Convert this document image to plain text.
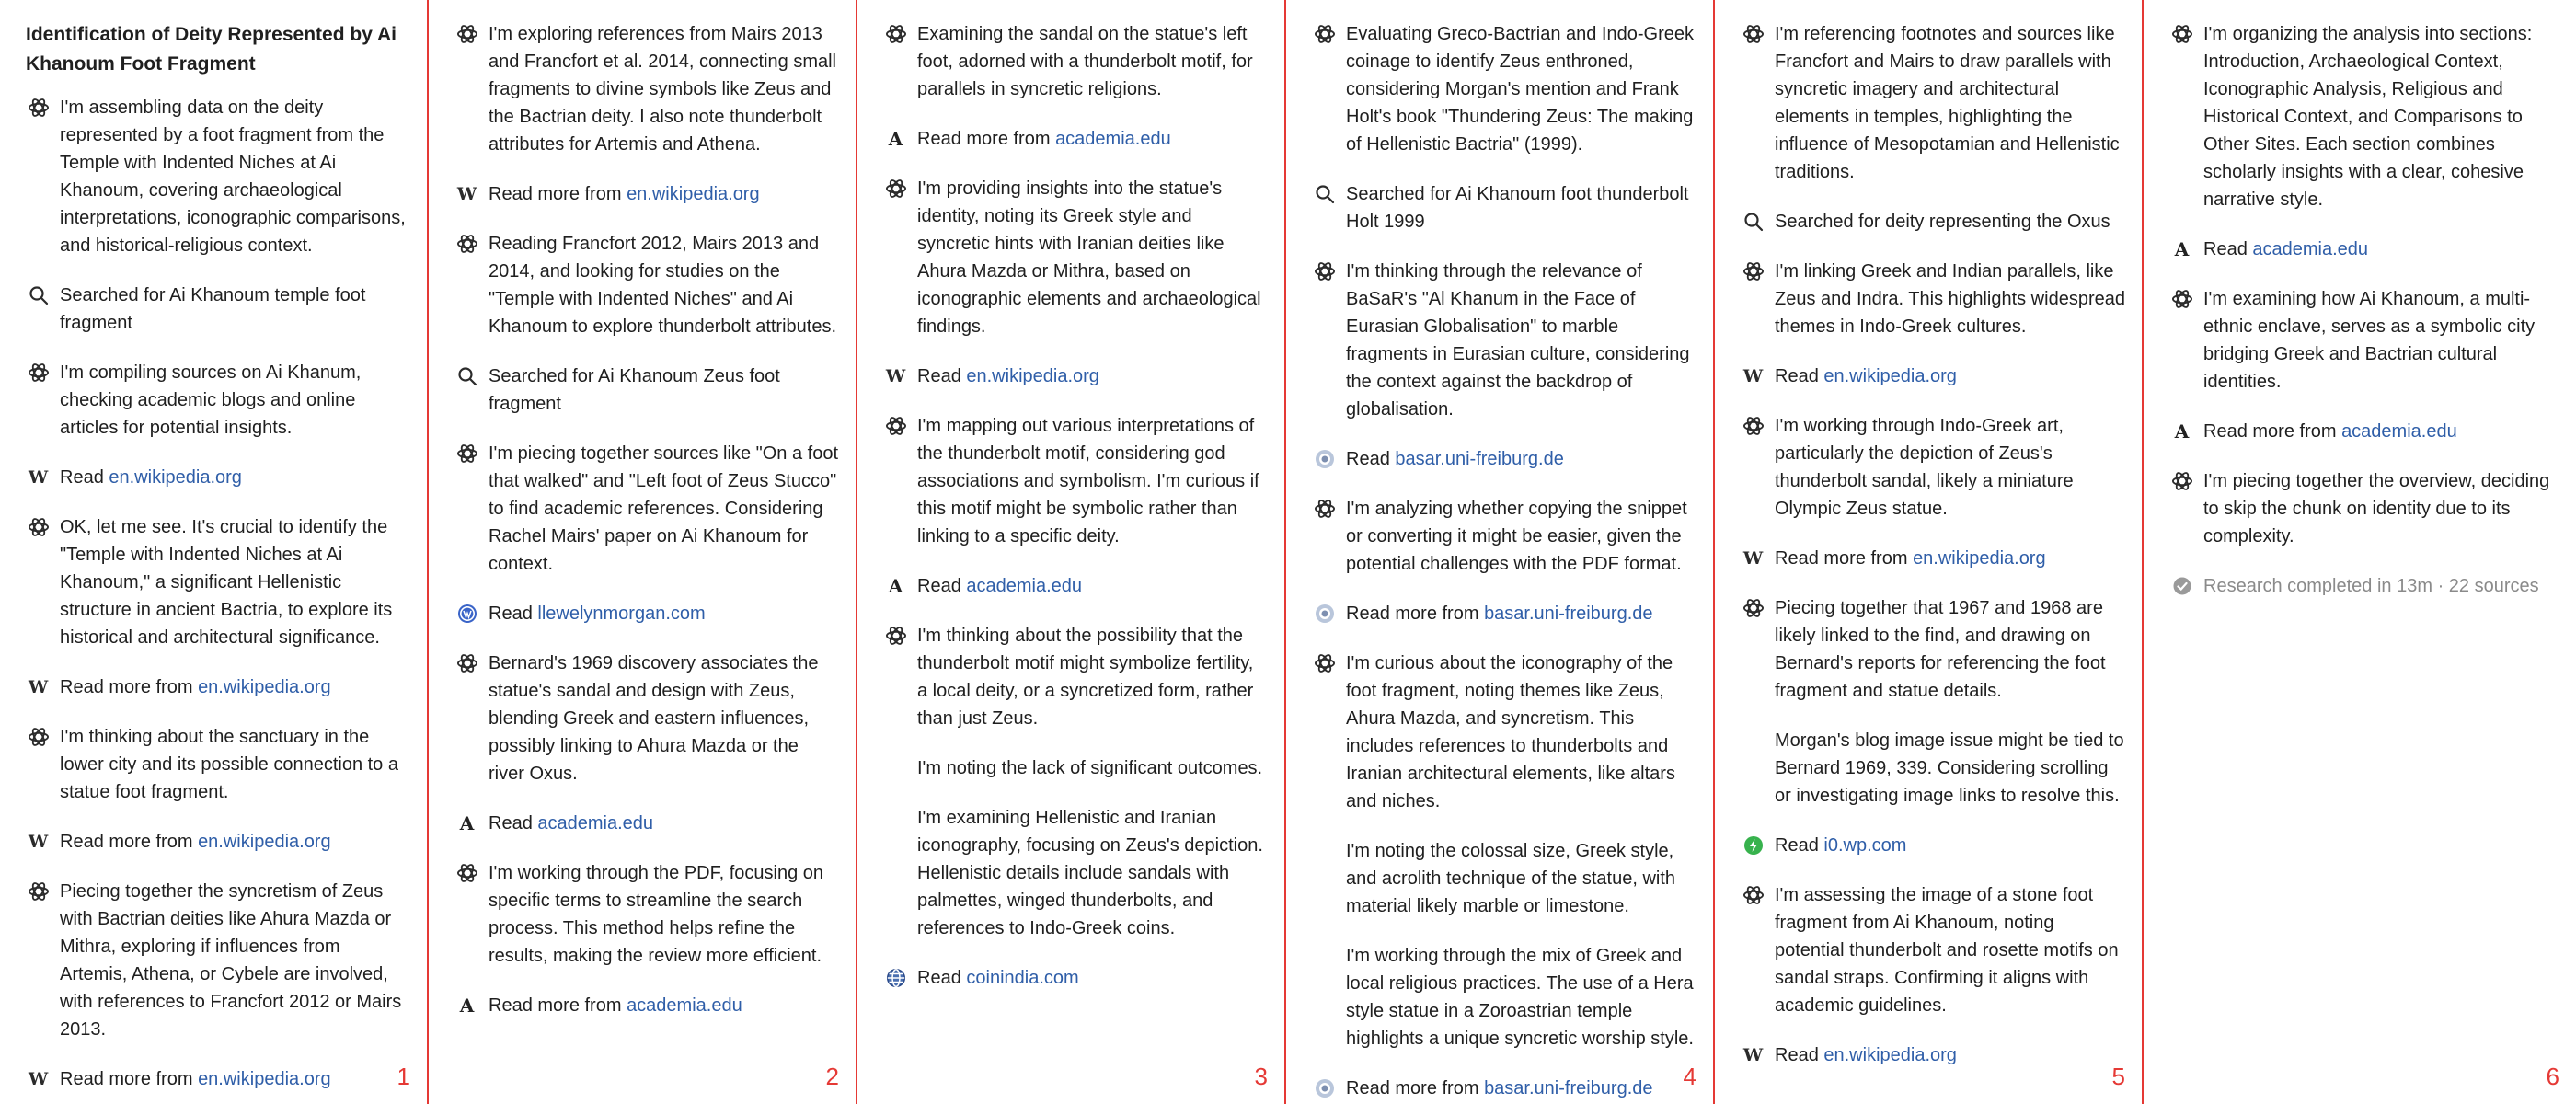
Identification of Deity Represented by Ai Khanoum Foot Fragment
I'm assembling data on the deity represented by a foot fragment from the Temple with Indented Niches at Ai Khanoum, covering archaeological interpretations, iconographic comparisons, and historical-religious context.
Searched for Ai Khanoum temple foot fragment
I'm compiling sources on Ai Khanum, checking academic blogs and online articles for potential insights.
W Read en.wikipedia.org
OK, let me see. It's crucial to identify the "Temple with Indented Niches at Ai Khanoum," a significant Hellenistic structure in ancient Bactria, to explore its historical and architectural significance.
W Read more from en.wikipedia.org
I'm thinking about the sanctuary in the lower city and its possible connection to a statue foot fragment.
W Read more from en.wikipedia.org
Piecing together the syncretism of Zeus with Bactrian deities like Ahura Mazda or Mithra, exploring if influences from Artemis, Athena, or Cybele are involved, with references to Francfort 2012 or Mairs 2013.
W Read more from en.wikipedia.org	1
I'm exploring references from Mairs 2013 and Francfort et al. 2014, connecting small fragments to divine symbols like Zeus and the Bactrian deity. I also note thunderbolt attributes for Artemis and Athena.
W Read more from en.wikipedia.org
Reading Francfort 2012, Mairs 2013 and 2014, and looking for studies on the "Temple with Indented Niches" and Ai Khanoum to explore thunderbolt attributes.
Searched for Ai Khanoum Zeus foot fragment
I'm piecing together sources like "On a foot that walked" and "Left foot of Zeus Stucco" to find academic references. Considering Rachel Mairs' paper on Ai Khanoum for context.
Read llewelynmorgan.com
Bernard's 1969 discovery associates the statue's sandal and design with Zeus, blending Greek and eastern influences, possibly linking to Ahura Mazda or the river Oxus.
A Read academia.edu
I'm working through the PDF, focusing on specific terms to streamline the search process. This method helps refine the results, making the review more efficient.
A Read more from academia.edu
2
Examining the sandal on the statue's left foot, adorned with a thunderbolt motif, for parallels in syncretic religions.
A Read more from academia.edu
I'm providing insights into the statue's identity, noting its Greek style and syncretic hints with Iranian deities like Ahura Mazda or Mithra, based on iconographic elements and archaeological findings.
W Read en.wikipedia.org
I'm mapping out various interpretations of the thunderbolt motif, considering god associations and symbolism. I'm curious if this motif might be symbolic rather than linking to a specific deity.
A Read academia.edu
I'm thinking about the possibility that the thunderbolt motif might symbolize fertility, a local deity, or a syncretized form, rather than just Zeus.
I'm noting the lack of significant outcomes.
I'm examining Hellenistic and Iranian iconography, focusing on Zeus's depiction. Hellenistic details include sandals with palmettes, winged thunderbolts, and references to Indo-Greek coins.
Read coinindia.com
3
Evaluating Greco-Bactrian and Indo-Greek coinage to identify Zeus enthroned, considering Morgan's mention and Frank Holt's book "Thundering Zeus: The making of Hellenistic Bactria" (1999).
Searched for Ai Khanoum foot thunderbolt Holt 1999
I'm thinking through the relevance of BaSaR's "Al Khanum in the Face of Eurasian Globalisation" to marble fragments in Eurasian culture, considering the context against the backdrop of globalisation.
Read basar.uni-freiburg.de
I'm analyzing whether copying the snippet or converting it might be easier, given the potential challenges with the PDF format.
Read more from basar.uni-freiburg.de
I'm curious about the iconography of the foot fragment, noting themes like Zeus, Ahura Mazda, and syncretism. This includes references to thunderbolts and Iranian architectural elements, like altars and niches.
I'm noting the colossal size, Greek style, and acrolith technique of the statue, with material likely marble or limestone.
I'm working through the mix of Greek and local religious practices. The use of a Hera style statue in a Zoroastrian temple highlights a unique syncretic worship style.
Read more from basar.uni-freiburg.de 4
I'm referencing footnotes and sources like Francfort and Mairs to draw parallels with syncretic imagery and architectural elements in temples, highlighting the influence of Mesopotamian and Hellenistic traditions.
Searched for deity representing the Oxus
I'm linking Greek and Indian parallels, like Zeus and Indra. This highlights widespread themes in Indo-Greek cultures.
W Read en.wikipedia.org
I'm working through Indo-Greek art, particularly the depiction of Zeus's thunderbolt sandal, likely a miniature Olympic Zeus statue.
W Read more from en.wikipedia.org
Piecing together that 1967 and 1968 are likely linked to the find, and drawing on Bernard's reports for referencing the foot fragment and statue details.
Morgan's blog image issue might be tied to Bernard 1969, 339. Considering scrolling or investigating image links to resolve this.
Read i0.wp.com
I'm assessing the image of a stone foot fragment from Ai Khanoum, noting potential thunderbolt and rosette motifs on sandal straps. Confirming it aligns with academic guidelines.
W Read en.wikipedia.org
5
I'm organizing the analysis into sections: Introduction, Archaeological Context, Iconographic Analysis, Religious and Historical Context, and Comparisons to Other Sites. Each section combines scholarly insights with a clear, cohesive narrative style.
A Read academia.edu
I'm examining how Ai Khanoum, a multi-ethnic enclave, serves as a symbolic city bridging Greek and Bactrian cultural identities.
A Read more from academia.edu
I'm piecing together the overview, deciding to skip the chunk on identity due to its complexity.
Research completed in 13m · 22 sources
6
